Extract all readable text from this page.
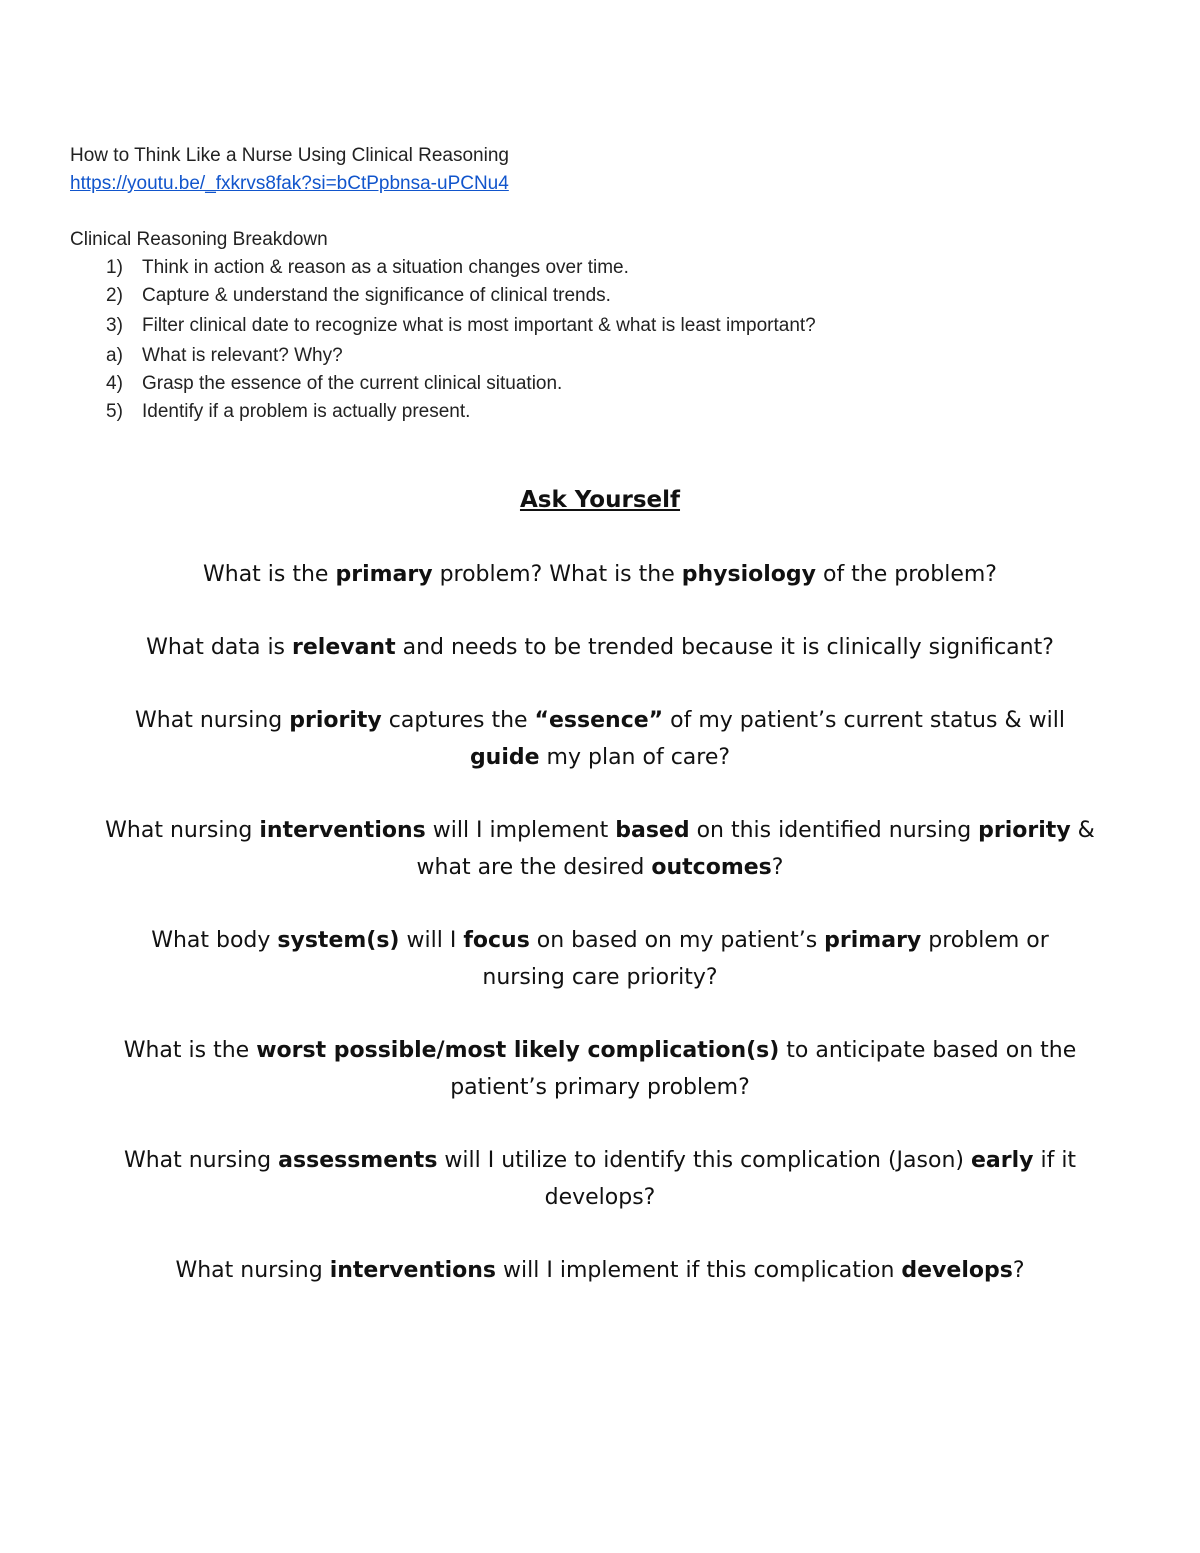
How to Think Like a Nurse Using Clinical Reasoning
https://youtu.be/_fxkrvs8fak?si=bCtPpbnsa-uPCNu4
Clinical Reasoning Breakdown
1) Think in action & reason as a situation changes over time.
2) Capture & understand the significance of clinical trends.
3) Filter clinical date to recognize what is most important & what is least important?
a) What is relevant? Why?
4) Grasp the essence of the current clinical situation.
5) Identify if a problem is actually present.
Ask Yourself

What is the primary problem? What is the physiology of the problem?

What data is relevant and needs to be trended because it is clinically significant?

What nursing priority captures the “essence” of my patient’s current status & will
guide my plan of care?

What nursing interventions will I implement based on this identified nursing priority &
what are the desired outcomes?

What body system(s) will I focus on based on my patient’s primary problem or
nursing care priority?

What is the worst possible/most likely complication(s) to anticipate based on the
patient’s primary problem?

What nursing assessments will I utilize to identify this complication (Jason) early if it
develops?

What nursing interventions will I implement if this complication develops?
